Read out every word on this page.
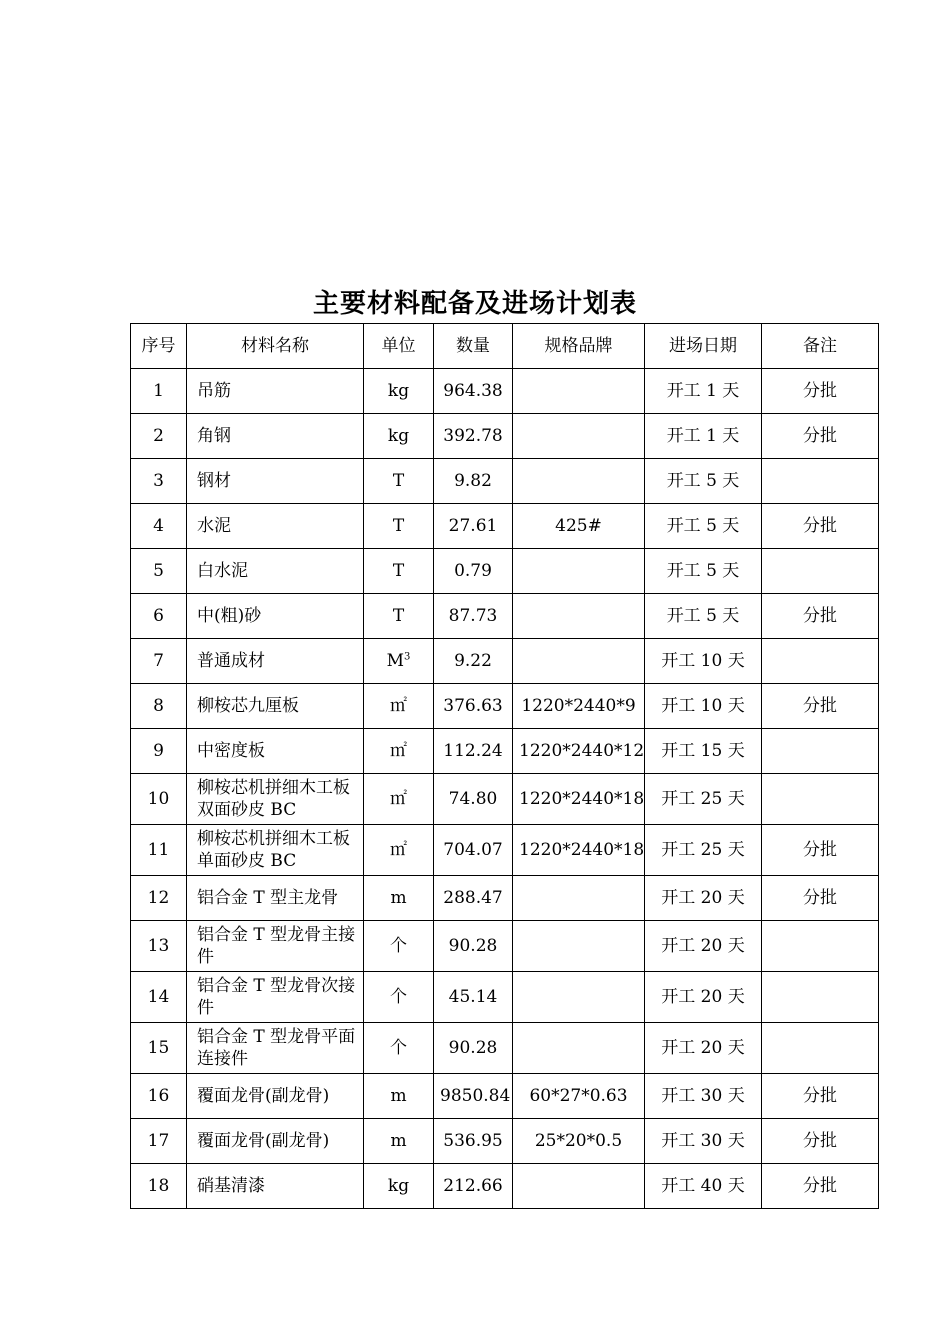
主要材料配备及进场计划表
序号	材料名称	单位	数量	规格品牌	进场日期	备注
1	吊筋	kg	964.38		开工 1 天	分批
2	角钢	kg	392.78		开工 1 天	分批
3	钢材	T	9.82		开工 5 天	
4	水泥	T	27.61	425#	开工 5 天	分批
5	白水泥	T	0.79		开工 5 天	
6	中(粗)砂	T	87.73		开工 5 天	分批
7	普通成材	$M^3$	9.22		开工 10 天	
8	柳桉芯九厘板	㎡	376.63	1220*2440*9	开工 10 天	分批
9	中密度板	㎡	112.24	1220*2440*12	开工 15 天	
10	柳桉芯机拼细木工板双面砂皮 BC	㎡	74.80	1220*2440*18	开工 25 天	
11	柳桉芯机拼细木工板单面砂皮 BC	㎡	704.07	1220*2440*18	开工 25 天	分批
12	铝合金 T 型主龙骨	m	288.47		开工 20 天	分批
13	铝合金 T 型龙骨主接件	个	90.28		开工 20 天	
14	铝合金 T 型龙骨次接件	个	45.14		开工 20 天	
15	铝合金 T 型龙骨平面连接件	个	90.28		开工 20 天	
16	覆面龙骨(副龙骨)	m	9850.84	60*27*0.63	开工 30 天	分批
17	覆面龙骨(副龙骨)	m	536.95	25*20*0.5	开工 30 天	分批
18	硝基清漆	kg	212.66		开工 40 天	分批
